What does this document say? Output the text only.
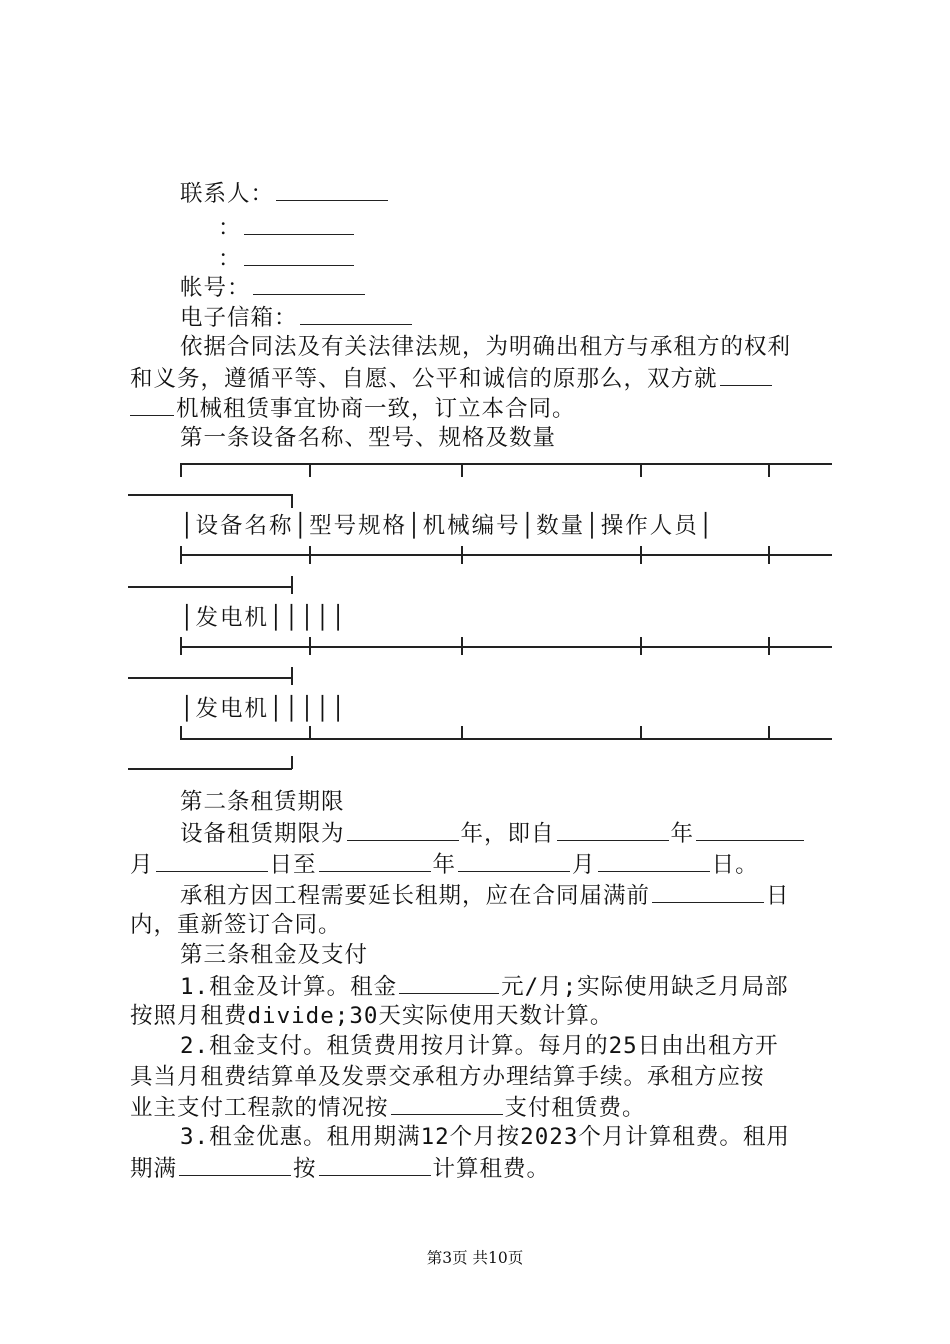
联系人：
：
：
帐号：
电子信箱：
依据合同法及有关法律法规，为明确出租方与承租方的权利
和义务，遵循平等、自愿、公平和诚信的原那么，双方就
机械租赁事宜协商一致，订立本合同。
第一条设备名称、型号、规格及数量
│设备名称│型号规格│机械编号│数量│操作人员│
│发电机│││││
│发电机│││││
第二条租赁期限
设备租赁期限为	年，即自	年
月	日至	年	月	日。
承租方因工程需要延长租期，应在合同届满前	日
内，重新签订合同。
第三条租金及支付
1.租金及计算。租金	元/月;实际使用缺乏月局部
按照月租费divide;30天实际使用天数计算。
2.租金支付。租赁费用按月计算。每月的25日由出租方开
具当月租费结算单及发票交承租方办理结算手续。承租方应按
业主支付工程款的情况按	支付租赁费。
3.租金优惠。租用期满12个月按2023个月计算租费。租用
期满	按	计算租费。
第3页 共10页
